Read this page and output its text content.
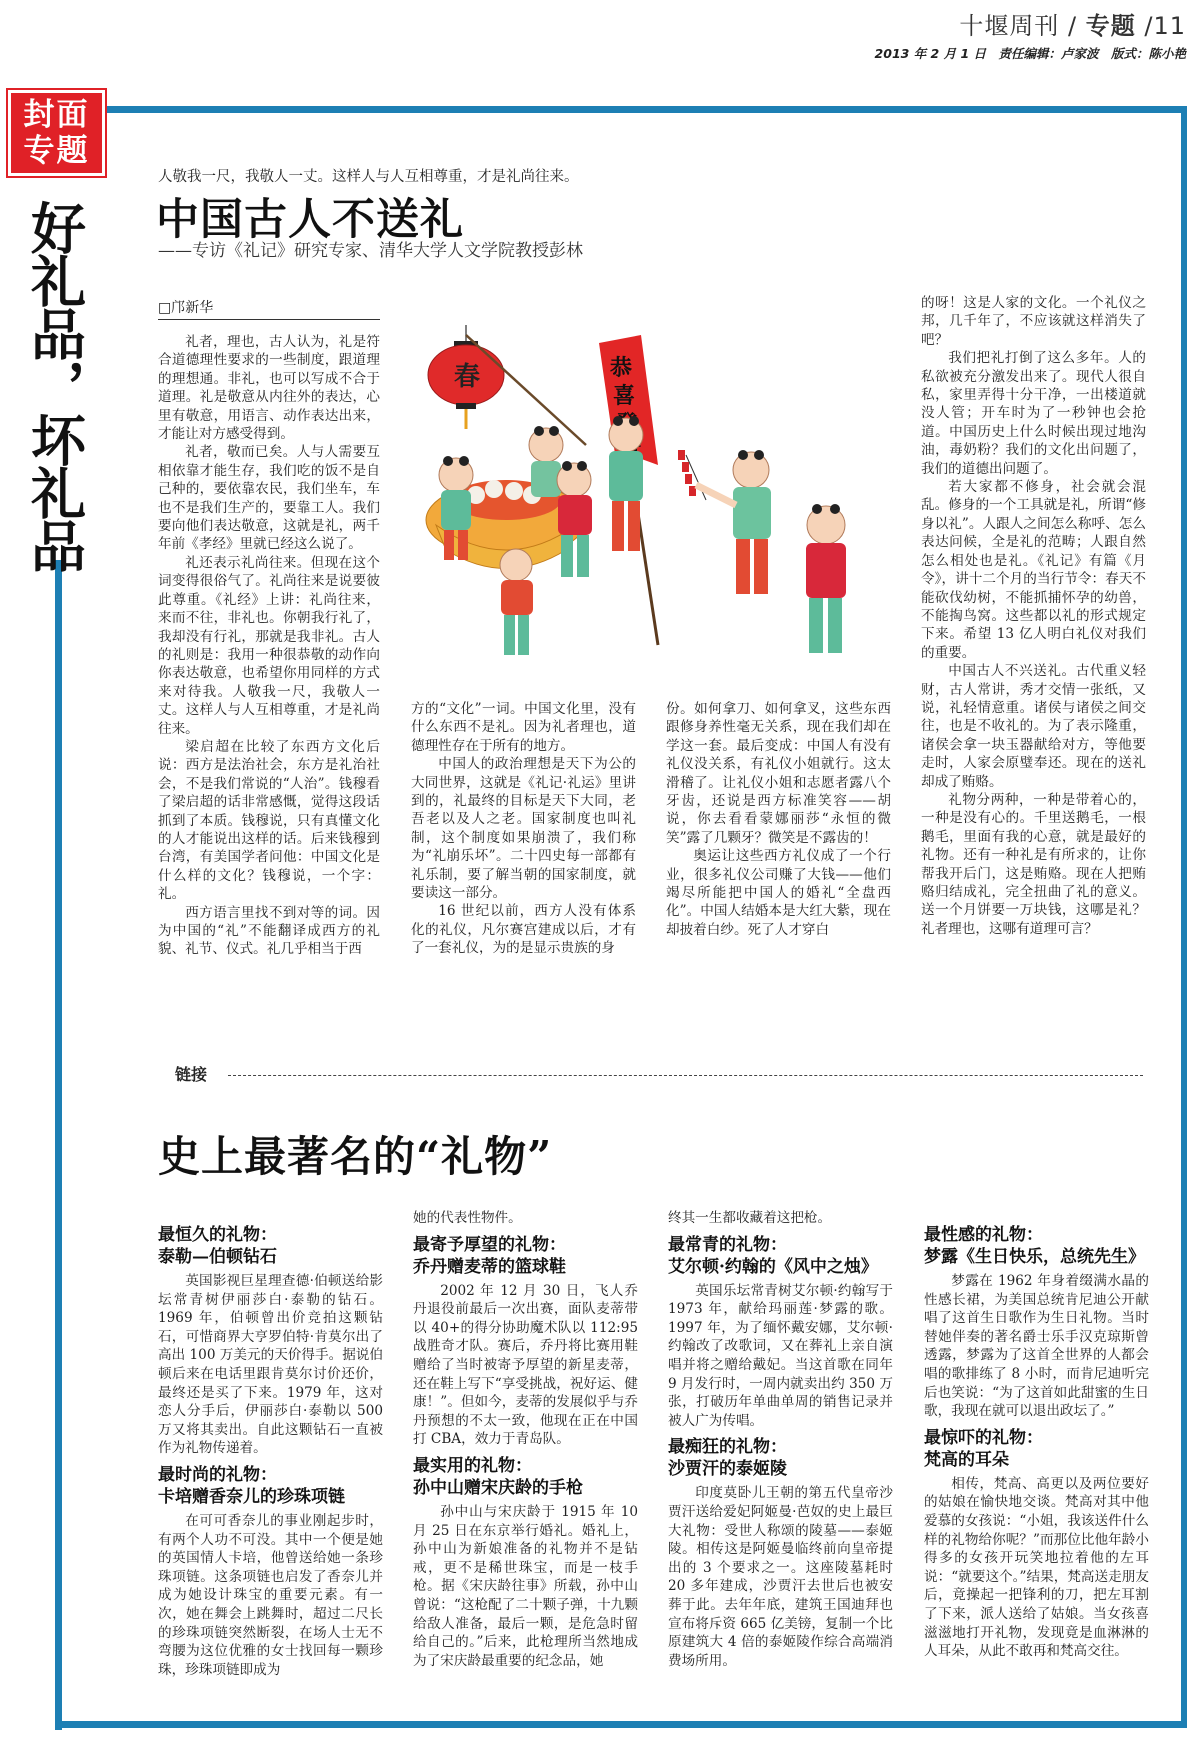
十堰周刊 / 专题 /11
2013 年 2 月 1 日　责任编辑：卢家波　版式：陈小艳
封面
专题
好礼品，坏礼品
人敬我一尺，我敬人一丈。这样人与人互相尊重，才是礼尚往来。
中国古人不送礼
——专访《礼记》研究专家、清华大学人文学院教授彭林
□邝新华

礼者，理也，古人认为，礼是符合道德理性要求的一些制度，跟道理的理想通。非礼，也可以写成不合于道理。礼是敬意从内往外的表达，心里有敬意，用语言、动作表达出来，才能让对方感受得到。

礼者，敬而已矣。人与人需要互相依靠才能生存，我们吃的饭不是自己种的，要依靠农民，我们坐车，车也不是我们生产的，要靠工人。我们要向他们表达敬意，这就是礼，两千年前《孝经》里就已经这么说了。

礼还表示礼尚往来。但现在这个词变得很俗气了。礼尚往来是说要彼此尊重。《礼经》上讲：礼尚往来，来而不往，非礼也。你朝我行礼了，我却没有行礼，那就是我非礼。古人的礼则是：我用一种很恭敬的动作向你表达敬意，也希望你用同样的方式来对待我。人敬我一尺，我敬人一丈。这样人与人互相尊重，才是礼尚往来。

梁启超在比较了东西方文化后说：西方是法治社会，东方是礼治社会，不是我们常说的“人治”。钱穆看了梁启超的话非常感慨，觉得这段话抓到了本质。钱穆说，只有真懂文化的人才能说出这样的话。后来钱穆到台湾，有美国学者问他：中国文化是什么样的文化？钱穆说，一个字：礼。

西方语言里找不到对等的词。因为中国的“礼”不能翻译成西方的礼貌、礼节、仪式。礼几乎相当于西

方的“文化”一词。中国文化里，没有什么东西不是礼。因为礼者理也，道德理性存在于所有的地方。

中国人的政治理想是天下为公的大同世界，这就是《礼记·礼运》里讲到的，礼最终的目标是天下大同，老吾老以及人之老。国家制度也叫礼制，这个制度如果崩溃了，我们称为“礼崩乐坏”。二十四史每一部都有礼乐制，要了解当朝的国家制度，就要读这一部分。

16 世纪以前，西方人没有体系化的礼仪，凡尔赛宫建成以后，才有了一套礼仪，为的是显示贵族的身

份。如何拿刀、如何拿叉，这些东西跟修身养性毫无关系，现在我们却在学这一套。最后变成：中国人有没有礼仪没关系，有礼仪小姐就行。这太滑稽了。让礼仪小姐和志愿者露八个牙齿，还说是西方标准笑容——胡说，你去看看蒙娜丽莎“永恒的微笑”露了几颗牙？微笑是不露齿的！

奥运让这些西方礼仪成了一个行业，很多礼仪公司赚了大钱——他们竭尽所能把中国人的婚礼“全盘西化”。中国人结婚本是大红大紫，现在却披着白纱。死了人才穿白

的呀！这是人家的文化。一个礼仪之邦，几千年了，不应该就这样消失了吧？

我们把礼打倒了这么多年。人的私欲被充分激发出来了。现代人很自私，家里弄得十分干净，一出楼道就没人管；开车时为了一秒钟也会抢道。中国历史上什么时候出现过地沟油，毒奶粉？我们的文化出问题了，我们的道德出问题了。

若大家都不修身，社会就会混乱。修身的一个工具就是礼，所谓“修身以礼”。人跟人之间怎么称呼、怎么表达问候，全是礼的范畴；人跟自然怎么相处也是礼。《礼记》有篇《月令》，讲十二个月的当行节令：春天不能砍伐幼树，不能抓捕怀孕的幼兽，不能掏鸟窝。这些都以礼的形式规定下来。希望 13 亿人明白礼仪对我们的重要。

中国古人不兴送礼。古代重义轻财，古人常讲，秀才交情一张纸，又说，礼轻情意重。诸侯与诸侯之间交往，也是不收礼的。为了表示隆重，诸侯会拿一块玉器献给对方，等他要走时，人家会原璧奉还。现在的送礼却成了贿赂。

礼物分两种，一种是带着心的，一种是没有心的。千里送鹅毛，一根鹅毛，里面有我的心意，就是最好的礼物。还有一种礼是有所求的，让你帮我开后门，这是贿赂。现在人把贿赂归结成礼，完全扭曲了礼的意义。送一个月饼要一万块钱，这哪是礼？礼者理也，这哪有道理可言？

春	恭喜
链接
史上最著名的“礼物”
最恒久的礼物：
泰勒—伯顿钻石

英国影视巨星理查德·伯顿送给影坛常青树伊丽莎白·泰勒的钻石。1969 年，伯顿曾出价竞拍这颗钻石，可惜商界大亨罗伯特·肯莫尔出了高出 100 万美元的天价得手。据说伯顿后来在电话里跟肯莫尔讨价还价，最终还是买了下来。1979 年，这对恋人分手后，伊丽莎白·泰勒以 500 万又将其卖出。自此这颗钻石一直被作为礼物传递着。

最时尚的礼物：
卡培赠香奈儿的珍珠项链

在可可香奈儿的事业刚起步时，有两个人功不可没。其中一个便是她的英国情人卡培，他曾送给她一条珍珠项链。这条项链也启发了香奈儿并成为她设计珠宝的重要元素。有一次，她在舞会上跳舞时，超过二尺长的珍珠项链突然断裂，在场人士无不弯腰为这位优雅的女士找回每一颗珍珠，珍珠项链即成为

她的代表性物件。

最寄予厚望的礼物：
乔丹赠麦蒂的篮球鞋

2002 年 12 月 30 日，飞人乔丹退役前最后一次出赛，面队麦蒂带以 40+的得分协助魔术队以 112:95 战胜奇才队。赛后，乔丹将比赛用鞋赠给了当时被寄予厚望的新星麦蒂，还在鞋上写下“享受挑战，祝好运、健康！”。但如今，麦蒂的发展似乎与乔丹预想的不太一致，他现在正在中国打 CBA，效力于青岛队。

最实用的礼物：
孙中山赠宋庆龄的手枪

孙中山与宋庆龄于 1915 年 10 月 25 日在东京举行婚礼。婚礼上，孙中山为新娘准备的礼物并不是钻戒，更不是稀世珠宝，而是一枝手枪。据《宋庆龄往事》所载，孙中山曾说：“这枪配了二十颗子弹，十九颗给敌人准备，最后一颗，是危急时留给自己的。”后来，此枪理所当然地成为了宋庆龄最重要的纪念品，她

终其一生都收藏着这把枪。

最常青的礼物：
艾尔顿·约翰的《风中之烛》

英国乐坛常青树艾尔顿·约翰写于 1973 年，献给玛丽莲·梦露的歌。1997 年，为了缅怀戴安娜，艾尔顿·约翰改了改歌词，又在葬礼上亲自演唱并将之赠给戴妃。当这首歌在同年 9 月发行时，一周内就卖出约 350 万张，打破历年单曲单周的销售记录并被人广为传唱。

最痴狂的礼物：
沙贾汗的泰姬陵

印度莫卧儿王朝的第五代皇帝沙贾汗送给爱妃阿姬曼·芭奴的史上最巨大礼物：受世人称颂的陵墓——泰姬陵。相传这是阿姬曼临终前向皇帝提出的 3 个要求之一。这座陵墓耗时 20 多年建成，沙贾汗去世后也被安葬于此。去年年底，建筑王国迪拜也宣布将斥资 665 亿美镑，复制一个比原建筑大 4 倍的泰姬陵作综合高端消费场所用。

最性感的礼物：
梦露《生日快乐，总统先生》

梦露在 1962 年身着缀满水晶的性感长裙，为美国总统肯尼迪公开献唱了这首生日歌作为生日礼物。当时替她伴奏的著名爵士乐手汉克琼斯曾透露，梦露为了这首全世界的人都会唱的歌排练了 8 小时，而肯尼迪听完后也笑说：“为了这首如此甜蜜的生日歌，我现在就可以退出政坛了。”

最惊吓的礼物：
梵高的耳朵

相传，梵高、高更以及两位要好的姑娘在愉快地交谈。梵高对其中他爱慕的女孩说：“小姐，我该送件什么样的礼物给你呢？”而那位比他年龄小得多的女孩开玩笑地拉着他的左耳说：“就要这个。”结果，梵高送走朋友后，竟操起一把锋利的刀，把左耳割了下来，派人送给了姑娘。当女孩喜滋滋地打开礼物，发现竟是血淋淋的人耳朵，从此不敢再和梵高交往。
